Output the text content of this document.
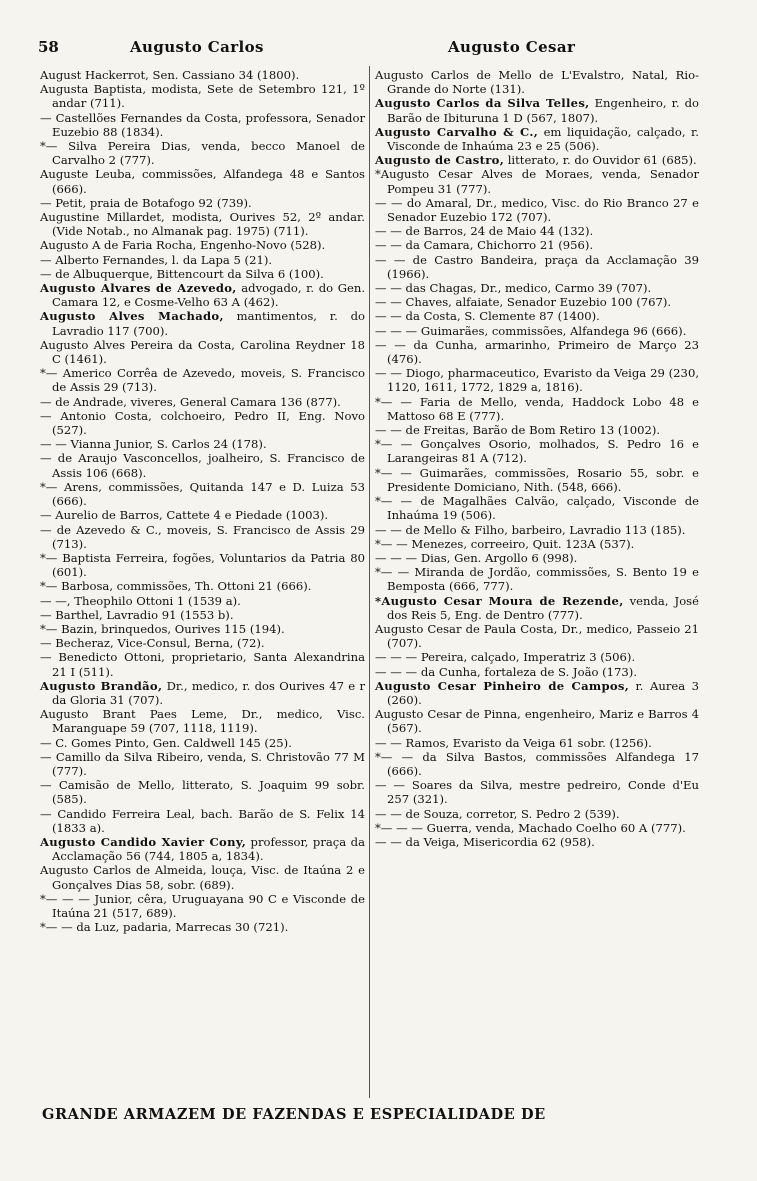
58	Augusto Carlos	Augusto Cesar

August Hackerrot, Sen. Cassiano 34 (1800).

Augusta Baptista, modista, Sete de Setembro 121, 1º andar (711).

— Castellões Fernandes da Costa, professora, Senador Euzebio 88 (1834).

*— Silva Pereira Dias, venda, becco Manoel de Carvalho 2 (777).

Auguste Leuba, commissões, Alfandega 48 e Santos (666).

— Petit, praia de Botafogo 92 (739).

Augustine Millardet, modista, Ourives 52, 2º andar. (Vide Notab., no Almanak pag. 1975) (711).

Augusto A de Faria Rocha, Engenho-Novo (528).

— Alberto Fernandes, l. da Lapa 5 (21).

— de Albuquerque, Bittencourt da Silva 6 (100).

Augusto Alvares de Azevedo, advogado, r. do Gen. Camara 12, e Cosme-Velho 63 A (462).

Augusto Alves Machado, mantimentos, r. do Lavradio 117 (700).

Augusto Alves Pereira da Costa, Carolina Reydner 18 C (1461).

*— Americo Corrêa de Azevedo, moveis, S. Francisco de Assis 29 (713).

— de Andrade, viveres, General Camara 136 (877).

— Antonio Costa, colchoeiro, Pedro II, Eng. Novo (527).

— — Vianna Junior, S. Carlos 24 (178).

— de Araujo Vasconcellos, joalheiro, S. Francisco de Assis 106 (668).

*— Arens, commissões, Quitanda 147 e D. Luiza 53 (666).

— Aurelio de Barros, Cattete 4 e Piedade (1003).

— de Azevedo & C., moveis, S. Francisco de Assis 29 (713).

*— Baptista Ferreira, fogões, Voluntarios da Patria 80 (601).

*— Barbosa, commissões, Th. Ottoni 21 (666).

— —, Theophilo Ottoni 1 (1539 a).

— Barthel, Lavradio 91 (1553 b).

*— Bazin, brinquedos, Ourives 115 (194).

— Becheraz, Vice-Consul, Berna, (72).

— Benedicto Ottoni, proprietario, Santa Alexandrina 21 I (511).

Augusto Brandão, Dr., medico, r. dos Ourives 47 e r da Gloria 31 (707).

Augusto Brant Paes Leme, Dr., medico, Visc. Maranguape 59 (707, 1118, 1119).

— C. Gomes Pinto, Gen. Caldwell 145 (25).

— Camillo da Silva Ribeiro, venda, S. Christovão 77 M (777).

— Camisão de Mello, litterato, S. Joaquim 99 sobr. (585).

— Candido Ferreira Leal, bach. Barão de S. Felix 14 (1833 a).

Augusto Candido Xavier Cony, professor, praça da Acclamação 56 (744, 1805 a, 1834).

Augusto Carlos de Almeida, louça, Visc. de Itaúna 2 e Gonçalves Dias 58, sobr. (689).

*— — — Junior, cêra, Uruguayana 90 C e Visconde de Itaúna 21 (517, 689).

*— — da Luz, padaria, Marrecas 30 (721).

Augusto Carlos de Mello de L'Evalstro, Natal, Rio-Grande do Norte (131).

Augusto Carlos da Silva Telles, Engenheiro, r. do Barão de Ibituruna 1 D (567, 1807).

Augusto Carvalho & C., em liquidação, calçado, r. Visconde de Inhaúma 23 e 25 (506).

Augusto de Castro, litterato, r. do Ouvidor 61 (685).

*Augusto Cesar Alves de Moraes, venda, Senador Pompeu 31 (777).

— — do Amaral, Dr., medico, Visc. do Rio Branco 27 e Senador Euzebio 172 (707).

— — de Barros, 24 de Maio 44 (132).

— — da Camara, Chichorro 21 (956).

— — de Castro Bandeira, praça da Acclamação 39 (1966).

— — das Chagas, Dr., medico, Carmo 39 (707).

— — Chaves, alfaiate, Senador Euzebio 100 (767).

— — da Costa, S. Clemente 87 (1400).

— — — Guimarães, commissões, Alfandega 96 (666).

— — da Cunha, armarinho, Primeiro de Março 23 (476).

— — Diogo, pharmaceutico, Evaristo da Veiga 29 (230, 1120, 1611, 1772, 1829 a, 1816).

*— — Faria de Mello, venda, Haddock Lobo 48 e Mattoso 68 E (777).

— — de Freitas, Barão de Bom Retiro 13 (1002).

*— — Gonçalves Osorio, molhados, S. Pedro 16 e Larangeiras 81 A (712).

*— — Guimarães, commissões, Rosario 55, sobr. e Presidente Domiciano, Nith. (548, 666).

*— — de Magalhães Calvão, calçado, Visconde de Inhaúma 19 (506).

— — de Mello & Filho, barbeiro, Lavradio 113 (185).

*— — Menezes, correeiro, Quit. 123A (537).

— — — Dias, Gen. Argollo 6 (998).

*— — Miranda de Jordão, commissões, S. Bento 19 e Bemposta (666, 777).

*Augusto Cesar Moura de Rezende, venda, José dos Reis 5, Eng. de Dentro (777).

Augusto Cesar de Paula Costa, Dr., medico, Passeio 21 (707).

— — — Pereira, calçado, Imperatriz 3 (506).

— — — da Cunha, fortaleza de S. João (173).

Augusto Cesar Pinheiro de Campos, r. Aurea 3 (260).

Augusto Cesar de Pinna, engenheiro, Mariz e Barros 4 (567).

— — Ramos, Evaristo da Veiga 61 sobr. (1256).

*— — da Silva Bastos, commissões Alfandega 17 (666).

— — Soares da Silva, mestre pedreiro, Conde d'Eu 257 (321).

— — de Souza, corretor, S. Pedro 2 (539).

*— — — Guerra, venda, Machado Coelho 60 A (777).

— — da Veiga, Misericordia 62 (958).

GRANDE ARMAZEM DE FAZENDAS E ESPECIALIDADE DE
